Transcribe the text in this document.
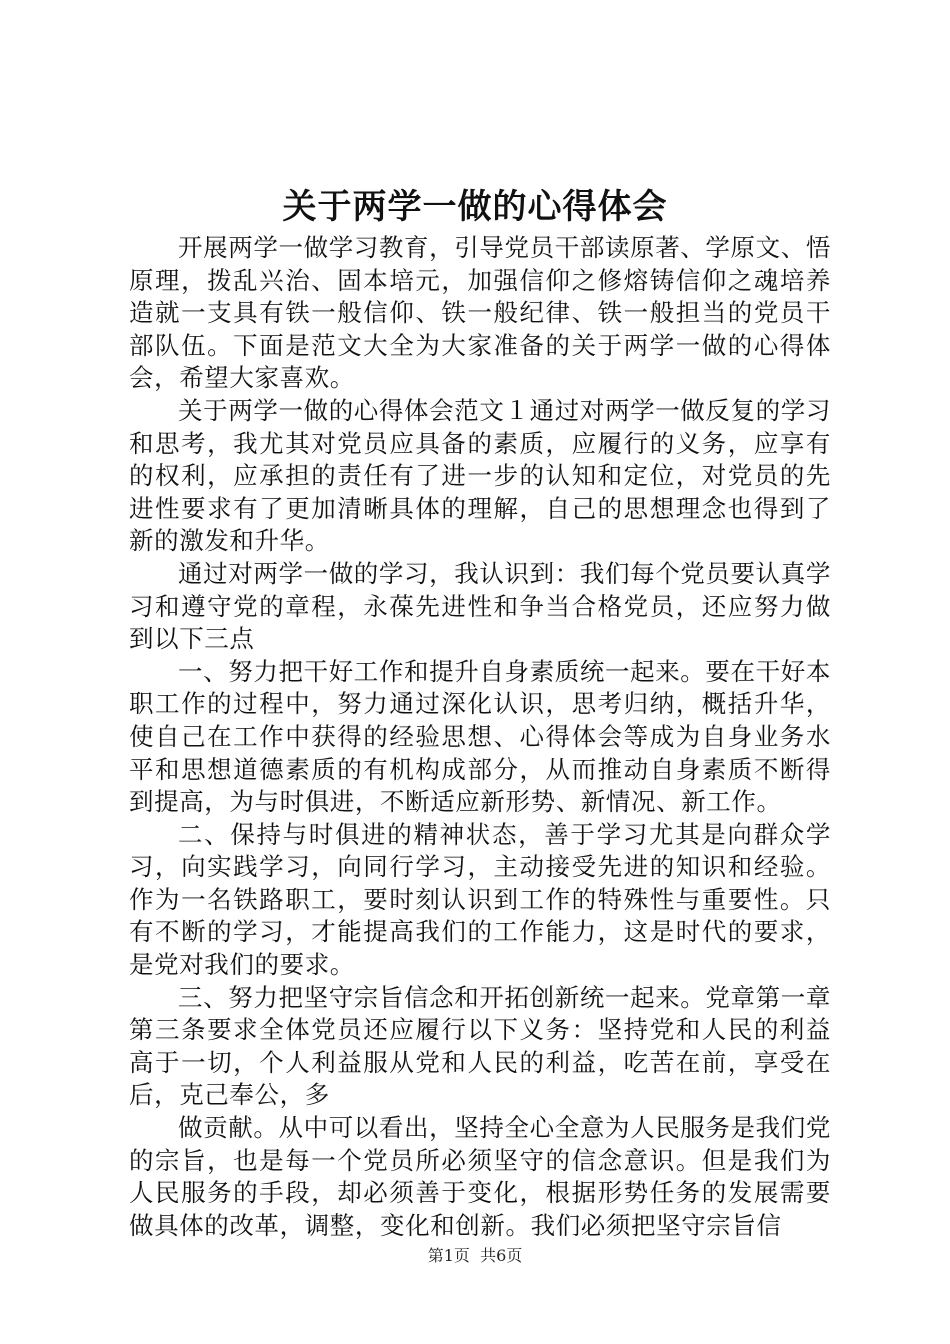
关于两学一做的心得体会

开展两学一做学习教育，引导党员干部读原著、学原文、悟原理，拨乱兴治、固本培元，加强信仰之修熔铸信仰之魂培养造就一支具有铁一般信仰、铁一般纪律、铁一般担当的党员干部队伍。下面是范文大全为大家准备的关于两学一做的心得体会，希望大家喜欢。

关于两学一做的心得体会范文１通过对两学一做反复的学习和思考，我尤其对党员应具备的素质，应履行的义务，应享有的权利，应承担的责任有了进一步的认知和定位，对党员的先进性要求有了更加清晰具体的理解，自己的思想理念也得到了新的激发和升华。

通过对两学一做的学习，我认识到：我们每个党员要认真学习和遵守党的章程，永葆先进性和争当合格党员，还应努力做到以下三点

一、努力把干好工作和提升自身素质统一起来。要在干好本职工作的过程中，努力通过深化认识，思考归纳，概括升华，使自己在工作中获得的经验思想、心得体会等成为自身业务水平和思想道德素质的有机构成部分，从而推动自身素质不断得到提高，为与时俱进，不断适应新形势、新情况、新工作。

二、保持与时俱进的精神状态，善于学习尤其是向群众学习，向实践学习，向同行学习，主动接受先进的知识和经验。作为一名铁路职工，要时刻认识到工作的特殊性与重要性。只有不断的学习，才能提高我们的工作能力，这是时代的要求，是党对我们的要求。

三、努力把坚守宗旨信念和开拓创新统一起来。党章第一章第三条要求全体党员还应履行以下义务：坚持党和人民的利益高于一切，个人利益服从党和人民的利益，吃苦在前，享受在后，克己奉公，多

做贡献。从中可以看出，坚持全心全意为人民服务是我们党的宗旨，也是每一个党员所必须坚守的信念意识。但是我们为人民服务的手段，却必须善于变化，根据形势任务的发展需要做具体的改革，调整，变化和创新。我们必须把坚守宗旨信

第1页 共6页
